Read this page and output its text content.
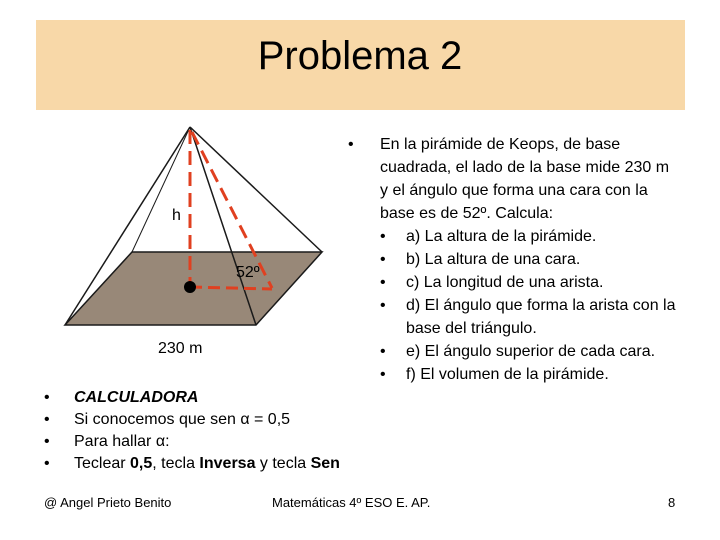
Problema 2
h
52º
230 m
•	En la pirámide de Keops, de base cuadrada, el lado de la base mide 230 m y el ángulo que forma una cara con la base es de 52º. Calcula:
•	a) La altura de la pirámide.
•	b) La altura de una cara.
•	c) La longitud de una arista.
•	d) El ángulo que forma la arista con la base del triángulo.
•	e) El ángulo superior de cada cara.
•	f) El volumen de la pirámide.
•	CALCULADORA
•	Si conocemos que sen α = 0,5
•	Para hallar α:
•	Teclear 0,5, tecla Inversa y tecla Sen
@ Angel Prieto Benito	Matemáticas 4º ESO E. AP.	8
